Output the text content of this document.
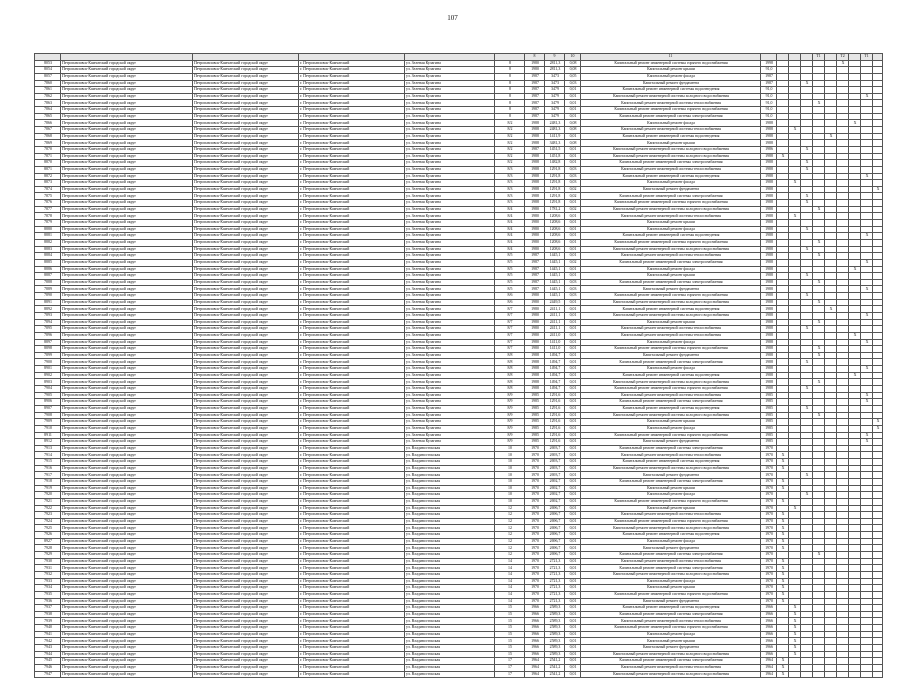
107
						8	9	10	11					T1		T2		T1	
8053	Петропавловск-Камчатский городской округ	Петропавловск-Камчатский городской округ	г. Петропавловск-Камчатский	ул. Зеленая Кулагина	8	1980	2811,3	0,08	Капитальный ремонт инженерной системы горячего водоснабжения	1998						X			
8054	Петропавловск-Камчатский городской округ	Петропавловск-Камчатский городской округ	г. Петропавловск-Камчатский	ул. Зеленая Кулагина	8	1980	2811,3	0,08	Капитальный ремонт крыши	91,0									
8057	Петропавловск-Камчатский городской округ	Петропавловск-Камчатский городской округ	г. Петропавловск-Камчатский	ул. Зеленая Кулагина	8	1987	3473	0,05	Капитальный ремонт фасада	1987									
7860	Петропавловск-Камчатский городской округ	Петропавловск-Камчатский городской округ	г. Петропавловск-Камчатский	ул. Зеленая Кулагина	8	1987	3473	0,03	Капитальный ремонт фундамента	1987			X						
7861	Петропавловск-Камчатский городской округ	Петропавловск-Камчатский городской округ	г. Петропавловск-Камчатский	ул. Зеленая Кулагина	8	1987	3479	0,01	Капитальный ремонт инженерной системы водоотведения	91,0									
7862	Петропавловск-Камчатский городской округ	Петропавловск-Камчатский городской округ	г. Петропавловск-Камчатский	ул. Зеленая Кулагина	8	1987	3479	0,01	Капитальный ремонт инженерной системы холодного водоснабжения	91,0								X	
7863	Петропавловск-Камчатский городской округ	Петропавловск-Камчатский городской округ	г. Петропавловск-Камчатский	ул. Зеленая Кулагина	8	1987	3479	0,01	Капитальный ремонт инженерной системы теплоснабжения	91,0				X					
7864	Петропавловск-Камчатский городской округ	Петропавловск-Камчатский городской округ	г. Петропавловск-Камчатский	ул. Зеленая Кулагина	8	1987	3479	0,01	Капитальный ремонт инженерной системы горячего водоснабжения	91,0									
7865	Петропавловск-Камчатский городской округ	Петропавловск-Камчатский городской округ	г. Петропавловск-Камчатский	ул. Зеленая Кулагина	8	1987	3479	0,01	Капитальный ремонт инженерной системы электроснабжения	91,0									
7866	Петропавловск-Камчатский городской округ	Петропавловск-Камчатский городской округ	г. Петропавловск-Камчатский	ул. Зеленая Кулагина	8/2	1988	2481,3	0,08	Капитальный ремонт фасада	1988							X		
7867	Петропавловск-Камчатский городской округ	Петропавловск-Камчатский городской округ	г. Петропавловск-Камчатский	ул. Зеленая Кулагина	8/2	1988	2481,3	0,08	Капитальный ремонт инженерной системы теплоснабжения	1988		X							
7868	Петропавловск-Камчатский городской округ	Петропавловск-Камчатский городской округ	г. Петропавловск-Камчатский	ул. Зеленая Кулагина	8/2	1988	1411,9	0,01	Капитальный ремонт инженерной системы водоотведения	1988					X				
7869	Петропавловск-Камчатский городской округ	Петропавловск-Камчатский городской округ	г. Петропавловск-Камчатский	ул. Зеленая Кулагина	8/2	1988	3481,3	0,08	Капитальный ремонт крыши	1988									
7870	Петропавловск-Камчатский городской округ	Петропавловск-Камчатский городской округ	г. Петропавловск-Камчатский	ул. Зеленая Кулагина	8/2	1987	1451,5	0,01	Капитальный ремонт инженерной системы холодного водоснабжения	1986			X						
7871	Петропавловск-Камчатский городской округ	Петропавловск-Камчатский городской округ	г. Петропавловск-Камчатский	ул. Зеленая Кулагина	8/2	1988	1451,8	0,01	Капитальный ремонт инженерной системы холодного водоснабжения	1988	X								
8870	Петропавловск-Камчатский городской округ	Петропавловск-Камчатский городской округ	г. Петропавловск-Камчатский	ул. Зеленая Кулагина	8/2	1988	1482,8	0,01	Капитальный ремонт инженерной системы электроснабжения	1988			X						
8871	Петропавловск-Камчатский городской округ	Петропавловск-Камчатский городской округ	г. Петропавловск-Камчатский	ул. Зеленая Кулагина	8/3	1988	1291,8	0,03	Капитальный ремонт инженерной системы теплоснабжения	1988			X						
8872	Петропавловск-Камчатский городской округ	Петропавловск-Камчатский городской округ	г. Петропавловск-Камчатский	ул. Зеленая Кулагина	8/3	1988	1291,8	0,03	Капитальный ремонт инженерной системы водоотведения	1988								X	
8873	Петропавловск-Камчатский городской округ	Петропавловск-Камчатский городской округ	г. Петропавловск-Камчатский	ул. Зеленая Кулагина	8/3	1988	1291,8	0,03	Капитальный ремонт фасада	1988		X							
7874	Петропавловск-Камчатский городской округ	Петропавловск-Камчатский городской округ	г. Петропавловск-Камчатский	ул. Зеленая Кулагина	8/3	1988	1291,8	0,02	Капитальный ремонт фундамента	1988									X
7875	Петропавловск-Камчатский городской округ	Петропавловск-Камчатский городской округ	г. Петропавловск-Камчатский	ул. Зеленая Кулагина	8/3	1988	1291,8	0,02	Капитальный ремонт инженерной системы электроснабжения	1988			X						
7876	Петропавловск-Камчатский городской округ	Петропавловск-Камчатский городской округ	г. Петропавловск-Камчатский	ул. Зеленая Кулагина	8/3	1988	1291,8	0,01	Капитальный ремонт инженерной системы горячего водоснабжения	1988			X						
7877	Петропавловск-Камчатский городской округ	Петропавловск-Камчатский городской округ	г. Петропавловск-Камчатский	ул. Зеленая Кулагина	8/4	1980	1781,2	0,02	Капитальный ремонт инженерной системы холодного водоснабжения	1988				X					
7878	Петропавловск-Камчатский городской округ	Петропавловск-Камчатский городской округ	г. Петропавловск-Камчатский	ул. Зеленая Кулагина	8/4	1980	1208,6	0,01	Капитальный ремонт инженерной системы теплоснабжения	1988		X							
7879	Петропавловск-Камчатский городской округ	Петропавловск-Камчатский городской округ	г. Петропавловск-Камчатский	ул. Зеленая Кулагина	8/4	1980	1208,6	0,01	Капитальный ремонт крыши	1988									
8880	Петропавловск-Камчатский городской округ	Петропавловск-Камчатский городской округ	г. Петропавловск-Камчатский	ул. Зеленая Кулагина	8/4	1980	1208,6	0,01	Капитальный ремонт фасада	1988			X						
8881	Петропавловск-Камчатский городской округ	Петропавловск-Камчатский городской округ	г. Петропавловск-Камчатский	ул. Зеленая Кулагина	8/4	1980	1208,6	0,01	Капитальный ремонт инженерной системы водоотведения	1988								X	
8882	Петропавловск-Камчатский городской округ	Петропавловск-Камчатский городской округ	г. Петропавловск-Камчатский	ул. Зеленая Кулагина	8/4	1980	1208,6	0,01	Капитальный ремонт инженерной системы горячего водоснабжения	1988				X					
8883	Петропавловск-Камчатский городской округ	Петропавловск-Камчатский городской округ	г. Петропавловск-Камчатский	ул. Зеленая Кулагина	8/4	1980	1208,6	0,01	Капитальный ремонт инженерной системы холодного водоснабжения	1988			X						
8884	Петропавловск-Камчатский городской округ	Петропавловск-Камчатский городской округ	г. Петропавловск-Камчатский	ул. Зеленая Кулагина	8/5	1987	1445,1	0,01	Капитальный ремонт инженерной системы теплоснабжения	1988				X					
8885	Петропавловск-Камчатский городской округ	Петропавловск-Камчатский городской округ	г. Петропавловск-Камчатский	ул. Зеленая Кулагина	8/5	1987	1445,1	0,02	Капитальный ремонт инженерной системы электроснабжения	1988								X	
8886	Петропавловск-Камчатский городской округ	Петропавловск-Камчатский городской округ	г. Петропавловск-Камчатский	ул. Зеленая Кулагина	8/5	1987	1445,1	0,01	Капитальный ремонт фасада	1988							X		
8887	Петропавловск-Камчатский городской округ	Петропавловск-Камчатский городской округ	г. Петропавловск-Камчатский	ул. Зеленая Кулагина	8/5	1987	1445,1	0,01	Капитальный ремонт крыши	1988			X						
7888	Петропавловск-Камчатский городской округ	Петропавловск-Камчатский городской округ	г. Петропавловск-Камчатский	ул. Зеленая Кулагина	8/5	1987	1445,1	0,03	Капитальный ремонт инженерной системы электроснабжения	1988				X					
7889	Петропавловск-Камчатский городской округ	Петропавловск-Камчатский городской округ	г. Петропавловск-Камчатский	ул. Зеленая Кулагина	8/5	1987	1445,1	0,03	Капитальный ремонт фундамента	1988								X	
7890	Петропавловск-Камчатский городской округ	Петропавловск-Камчатский городской округ	г. Петропавловск-Камчатский	ул. Зеленая Кулагина	8/6	1980	1445,1	0,03	Капитальный ремонт инженерной системы горячего водоснабжения	1988			X						
8891	Петропавловск-Камчатский городской округ	Петропавловск-Камчатский городской округ	г. Петропавловск-Камчатский	ул. Зеленая Кулагина	8/6	1980	2449,5	0,01	Капитальный ремонт инженерной системы холодного водоснабжения	1988				X					
8892	Петропавловск-Камчатский городской округ	Петропавловск-Камчатский городской округ	г. Петропавловск-Камчатский	ул. Зеленая Кулагина	8/7	1980	2411,1	0,01	Капитальный ремонт инженерной системы водоотведения	1988					X				
7893	Петропавловск-Камчатский городской округ	Петропавловск-Камчатский городской округ	г. Петропавловск-Камчатский	ул. Зеленая Кулагина	8/7	1980	2411,1	0,01	Капитальный ремонт инженерной системы холодного водоснабжения	1988								X	
7894	Петропавловск-Камчатский городской округ	Петропавловск-Камчатский городской округ	г. Петропавловск-Камчатский	ул. Зеленая Кулагина	8/7	1980	2411,1	0,01	Капитальный ремонт крыши	1988				X					
7895	Петропавловск-Камчатский городской округ	Петропавловск-Камчатский городской округ	г. Петропавловск-Камчатский	ул. Зеленая Кулагина	8/7	1980	2411,1	0,01	Капитальный ремонт инженерной системы теплоснабжения	1988			X						
7896	Петропавловск-Камчатский городской округ	Петропавловск-Камчатский городской округ	г. Петропавловск-Камчатский	ул. Зеленая Кулагина	8/7	1980	2411,0	0,01	Капитальный ремонт инженерной системы теплоснабжения	1988							X		
8897	Петропавловск-Камчатский городской округ	Петропавловск-Камчатский городской округ	г. Петропавловск-Камчатский	ул. Зеленая Кулагина	8/7	1980	1411,0	0,01	Капитальный ремонт фасада	1988								X	
8898	Петропавловск-Камчатский городской округ	Петропавловск-Камчатский городской округ	г. Петропавловск-Камчатский	ул. Зеленая Кулагина	8/7	1980	1411,0	0,01	Капитальный ремонт инженерной системы горячего водоснабжения	1988				X					
7899	Петропавловск-Камчатский городской округ	Петропавловск-Камчатский городской округ	г. Петропавловск-Камчатский	ул. Зеленая Кулагина	8/8	1988	1494,7	0,01	Капитальный ремонт фундамента	1988				X					
7900	Петропавловск-Камчатский городской округ	Петропавловск-Камчатский городской округ	г. Петропавловск-Камчатский	ул. Зеленая Кулагина	8/8	1988	1494,7	0,01	Капитальный ремонт инженерной системы электроснабжения	1988			X						
8901	Петропавловск-Камчатский городской округ	Петропавловск-Камчатский городской округ	г. Петропавловск-Камчатский	ул. Зеленая Кулагина	8/8	1988	1494,7	0,01	Капитальный ремонт фасада	1988								X	
8902	Петропавловск-Камчатский городской округ	Петропавловск-Камчатский городской округ	г. Петропавловск-Камчатский	ул. Зеленая Кулагина	8/8	1988	1494,7	0,01	Капитальный ремонт инженерной системы водоотведения	1988							X		
8903	Петропавловск-Камчатский городской округ	Петропавловск-Камчатский городской округ	г. Петропавловск-Камчатский	ул. Зеленая Кулагина	8/8	1988	1494,7	0,01	Капитальный ремонт инженерной системы холодного водоснабжения	1988				X					
7904	Петропавловск-Камчатский городской округ	Петропавловск-Камчатский городской округ	г. Петропавловск-Камчатский	ул. Зеленая Кулагина	8/8	1988	1494,7	0,01	Капитальный ремонт инженерной системы горячего водоснабжения	1988			X						
7905	Петропавловск-Камчатский городской округ	Петропавловск-Камчатский городской округ	г. Петропавловск-Камчатский	ул. Зеленая Кулагина	8/9	1985	1291,6	0,01	Капитальный ремонт инженерной системы теплоснабжения	1985								X	
8906	Петропавловск-Камчатский городской округ	Петропавловск-Камчатский городской округ	г. Петропавловск-Камчатский	ул. Зеленая Кулагина	8/9	1985	1291,6	0,01	Капитальный ремонт инженерной системы электроснабжения	1985								X	
8907	Петропавловск-Камчатский городской округ	Петропавловск-Камчатский городской округ	г. Петропавловск-Камчатский	ул. Зеленая Кулагина	8/9	1985	1291,6	0,01	Капитальный ремонт инженерной системы водоотведения	1985			X						
7908	Петропавловск-Камчатский городской округ	Петропавловск-Камчатский городской округ	г. Петропавловск-Камчатский	ул. Зеленая Кулагина	8/9	1985	1291,6	0,01	Капитальный ремонт инженерной системы холодного водоснабжения	1985				X					
7909	Петропавловск-Камчатский городской округ	Петропавловск-Камчатский городской округ	г. Петропавловск-Камчатский	ул. Зеленая Кулагина	8/9	1985	1291,6	0,01	Капитальный ремонт крыши	1985									X
7910	Петропавловск-Камчатский городской округ	Петропавловск-Камчатский городской округ	г. Петропавловск-Камчатский	ул. Зеленая Кулагина	8/9	1985	1291,6	0,01	Капитальный ремонт фасада	1985									X
8911	Петропавловск-Камчатский городской округ	Петропавловск-Камчатский городской округ	г. Петропавловск-Камчатский	ул. Зеленая Кулагина	8/9	1985	1291,6	0,01	Капитальный ремонт инженерной системы горячего водоснабжения	1985								X	
8912	Петропавловск-Камчатский городской округ	Петропавловск-Камчатский городской округ	г. Петропавловск-Камчатский	ул. Зеленая Кулагина	8/9	1985	1291,6	0,01	Капитальный ремонт фундамента	1985								X	
7913	Петропавловск-Камчатский городской округ	Петропавловск-Камчатский городской округ	г. Петропавловск-Камчатский	ул. Владивостокская	10	1970	2693,7	0,01	Капитальный ремонт инженерной системы электроснабжения	1970									
7914	Петропавловск-Камчатский городской округ	Петропавловск-Камчатский городской округ	г. Петропавловск-Камчатский	ул. Владивостокская	10	1970	2693,7	0,01	Капитальный ремонт инженерной системы теплоснабжения	1970	X								
7915	Петропавловск-Камчатский городской округ	Петропавловск-Камчатский городской округ	г. Петропавловск-Камчатский	ул. Владивостокская	10	1970	2693,7	0,01	Капитальный ремонт инженерной системы водоотведения	1970	X								
7916	Петропавловск-Камчатский городской округ	Петропавловск-Камчатский городской округ	г. Петропавловск-Камчатский	ул. Владивостокская	10	1970	2693,7	0,01	Капитальный ремонт инженерной системы холодного водоснабжения	1970	X								
7917	Петропавловск-Камчатский городской округ	Петропавловск-Камчатский городской округ	г. Петропавловск-Камчатский	ул. Владивостокская	10	1970	2693,7	0,01	Капитальный ремонт фундамента	1970			X						
7918	Петропавловск-Камчатский городской округ	Петропавловск-Камчатский городской округ	г. Петропавловск-Камчатский	ул. Владивостокская	10	1970	2692,7	0,01	Капитальный ремонт инженерной системы электроснабжения	1970	X								
7919	Петропавловск-Камчатский городской округ	Петропавловск-Камчатский городской округ	г. Петропавловск-Камчатский	ул. Владивостокская	10	1970	2692,7	0,01	Капитальный ремонт крыши	1970	X								
7920	Петропавловск-Камчатский городской округ	Петропавловск-Камчатский городской округ	г. Петропавловск-Камчатский	ул. Владивостокская	10	1970	2692,7	0,01	Капитальный ремонт фасада	1970			X						
7921	Петропавловск-Камчатский городской округ	Петропавловск-Камчатский городской округ	г. Петропавловск-Камчатский	ул. Владивостокская	10	1970	2692,7	0,01	Капитальный ремонт инженерной системы горячего водоснабжения	1970	X								
7922	Петропавловск-Камчатский городской округ	Петропавловск-Камчатский городской округ	г. Петропавловск-Камчатский	ул. Владивостокская	12	1970	2696,7	0,01	Капитальный ремонт крыши	1970		X							
7923	Петропавловск-Камчатский городской округ	Петропавловск-Камчатский городской округ	г. Петропавловск-Камчатский	ул. Владивостокская	12	1970	2696,7	0,01	Капитальный ремонт инженерной системы теплоснабжения	1970	X								
7924	Петропавловск-Камчатский городской округ	Петропавловск-Камчатский городской округ	г. Петропавловск-Камчатский	ул. Владивостокская	12	1970	2696,7	0,01	Капитальный ремонт инженерной системы горячего водоснабжения	1970	X								
7925	Петропавловск-Камчатский городской округ	Петропавловск-Камчатский городской округ	г. Петропавловск-Камчатский	ул. Владивостокская	12	1970	2696,7	0,01	Капитальный ремонт инженерной системы холодного водоснабжения	1970	X								
7926	Петропавловск-Камчатский городской округ	Петропавловск-Камчатский городской округ	г. Петропавловск-Камчатский	ул. Владивостокская	12	1970	2696,7	0,01	Капитальный ремонт инженерной системы водоотведения	1970	X								
8927	Петропавловск-Камчатский городской округ	Петропавловск-Камчатский городской округ	г. Петропавловск-Камчатский	ул. Владивостокская	12	1970	2696,7	0,01	Капитальный ремонт фасада	1970	X								
7928	Петропавловск-Камчатский городской округ	Петропавловск-Камчатский городской округ	г. Петропавловск-Камчатский	ул. Владивостокская	12	1970	2696,7	0,01	Капитальный ремонт фундамента	1970	X								
7929	Петропавловск-Камчатский городской округ	Петропавловск-Камчатский городской округ	г. Петропавловск-Камчатский	ул. Владивостокская	12	1970	2696,7	0,01	Капитальный ремонт инженерной системы электроснабжения	1970				X					
7930	Петропавловск-Камчатский городской округ	Петропавловск-Камчатский городской округ	г. Петропавловск-Камчатский	ул. Владивостокская	14	1970	2721,3	0,01	Капитальный ремонт инженерной системы теплоснабжения	1970	X								
7931	Петропавловск-Камчатский городской округ	Петропавловск-Камчатский городской округ	г. Петропавловск-Камчатский	ул. Владивостокская	14	1970	2721,3	0,01	Капитальный ремонт инженерной системы электроснабжения	1970	X								
7932	Петропавловск-Камчатский городской округ	Петропавловск-Камчатский городской округ	г. Петропавловск-Камчатский	ул. Владивостокская	14	1970	2721,3	0,01	Капитальный ремонт инженерной системы холодного водоснабжения	1970	X								
7933	Петропавловск-Камчатский городской округ	Петропавловск-Камчатский городской округ	г. Петропавловск-Камчатский	ул. Владивостокская	14	1970	2721,3	0,01	Капитальный ремонт фасада	1970	X								
7934	Петропавловск-Камчатский городской округ	Петропавловск-Камчатский городской округ	г. Петропавловск-Камчатский	ул. Владивостокская	14	1970	2721,3	0,01	Капитальный ремонт крыши	1970	X								
7935	Петропавловск-Камчатский городской округ	Петропавловск-Камчатский городской округ	г. Петропавловск-Камчатский	ул. Владивостокская	14	1970	2721,3	0,01	Капитальный ремонт инженерной системы горячего водоснабжения	1970	X								
7936	Петропавловск-Камчатский городской округ	Петропавловск-Камчатский городской округ	г. Петропавловск-Камчатский	ул. Владивостокская	14	1970	2721,3	0,01	Капитальный ремонт фундамента	1970	X								
7937	Петропавловск-Камчатский городской округ	Петропавловск-Камчатский городской округ	г. Петропавловск-Камчатский	ул. Владивостокская	15	1966	2589,3	0,01	Капитальный ремонт инженерной системы водоотведения	1966		X							
7938	Петропавловск-Камчатский городской округ	Петропавловск-Камчатский городской округ	г. Петропавловск-Камчатский	ул. Владивостокская	15	1966	2589,3	0,01	Капитальный ремонт инженерной системы электроснабжения	1966		X							
7939	Петропавловск-Камчатский городской округ	Петропавловск-Камчатский городской округ	г. Петропавловск-Камчатский	ул. Владивостокская	15	1966	2589,3	0,01	Капитальный ремонт инженерной системы теплоснабжения	1966		X							
7940	Петропавловск-Камчатский городской округ	Петропавловск-Камчатский городской округ	г. Петропавловск-Камчатский	ул. Владивостокская	15	1966	2589,3	0,01	Капитальный ремонт инженерной системы горячего водоснабжения	1966		X							
7941	Петропавловск-Камчатский городской округ	Петропавловск-Камчатский городской округ	г. Петропавловск-Камчатский	ул. Владивостокская	15	1966	2589,3	0,01	Капитальный ремонт фасада	1966		X							
7942	Петропавловск-Камчатский городской округ	Петропавловск-Камчатский городской округ	г. Петропавловск-Камчатский	ул. Владивостокская	15	1966	2589,3	0,01	Капитальный ремонт крыши	1966		X							
7943	Петропавловск-Камчатский городской округ	Петропавловск-Камчатский городской округ	г. Петропавловск-Камчатский	ул. Владивостокская	15	1966	2589,3	0,01	Капитальный ремонт фундамента	1966		X							
7944	Петропавловск-Камчатский городской округ	Петропавловск-Камчатский городской округ	г. Петропавловск-Камчатский	ул. Владивостокская	15	1966	2589,3	0,01	Капитальный ремонт инженерной системы холодного водоснабжения	1966		X							
7945	Петропавловск-Камчатский городской округ	Петропавловск-Камчатский городской округ	г. Петропавловск-Камчатский	ул. Владивостокская	17	1964	2541,2	0,01	Капитальный ремонт инженерной системы электроснабжения	1964	X								
7946	Петропавловск-Камчатский городской округ	Петропавловск-Камчатский городской округ	г. Петропавловск-Камчатский	ул. Владивостокская	17	1964	2541,2	0,01	Капитальный ремонт инженерной системы теплоснабжения	1964	X								
7947	Петропавловск-Камчатский городской округ	Петропавловск-Камчатский городской округ	г. Петропавловск-Камчатский	ул. Владивостокская	17	1964	2541,2	0,01	Капитальный ремонт инженерной системы холодного водоснабжения	1964	X								
